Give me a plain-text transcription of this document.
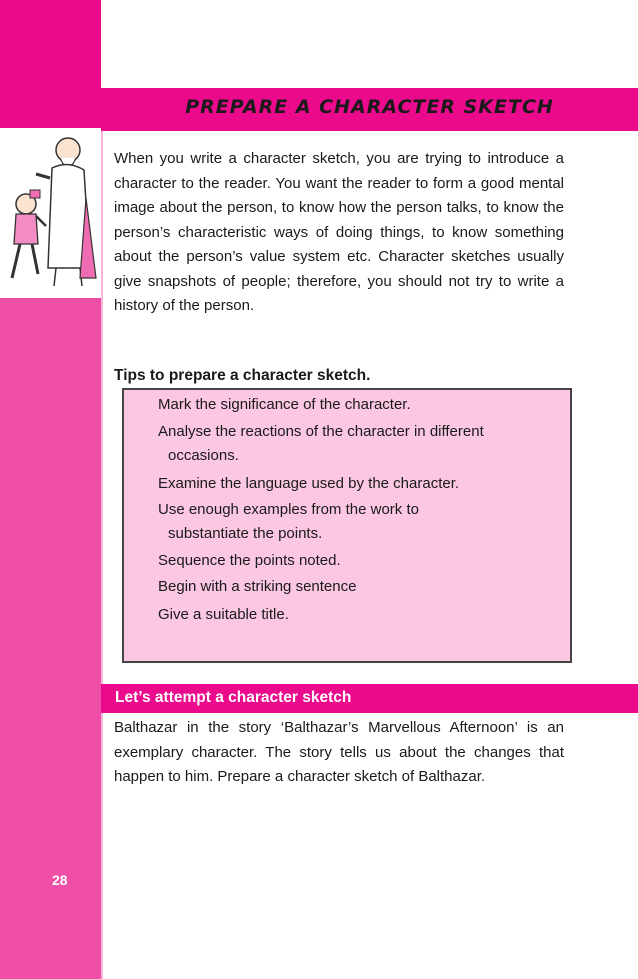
PREPARE A CHARACTER SKETCH
When you write a character sketch, you are trying to introduce a character to the reader. You want the reader to form a good mental image about the person, to know how the person talks, to know the person’s characteristic ways of doing things, to know something about the person’s value system etc. Character sketches usually give snapshots of people; therefore, you should not try to write a history of the person.
Tips to prepare a character sketch.
Mark the significance of the character.
Analyse the reactions of the character in different
occasions.
Examine the language used by the character.
Use enough examples from the work to
substantiate the points.
Sequence the points noted.
Begin with a striking sentence
Give a suitable title.
Let’s attempt a character sketch
Balthazar in the story ‘Balthazar’s Marvellous Afternoon’ is an exemplary character. The story tells us about the changes that happen to him. Prepare a character sketch of Balthazar.
28
